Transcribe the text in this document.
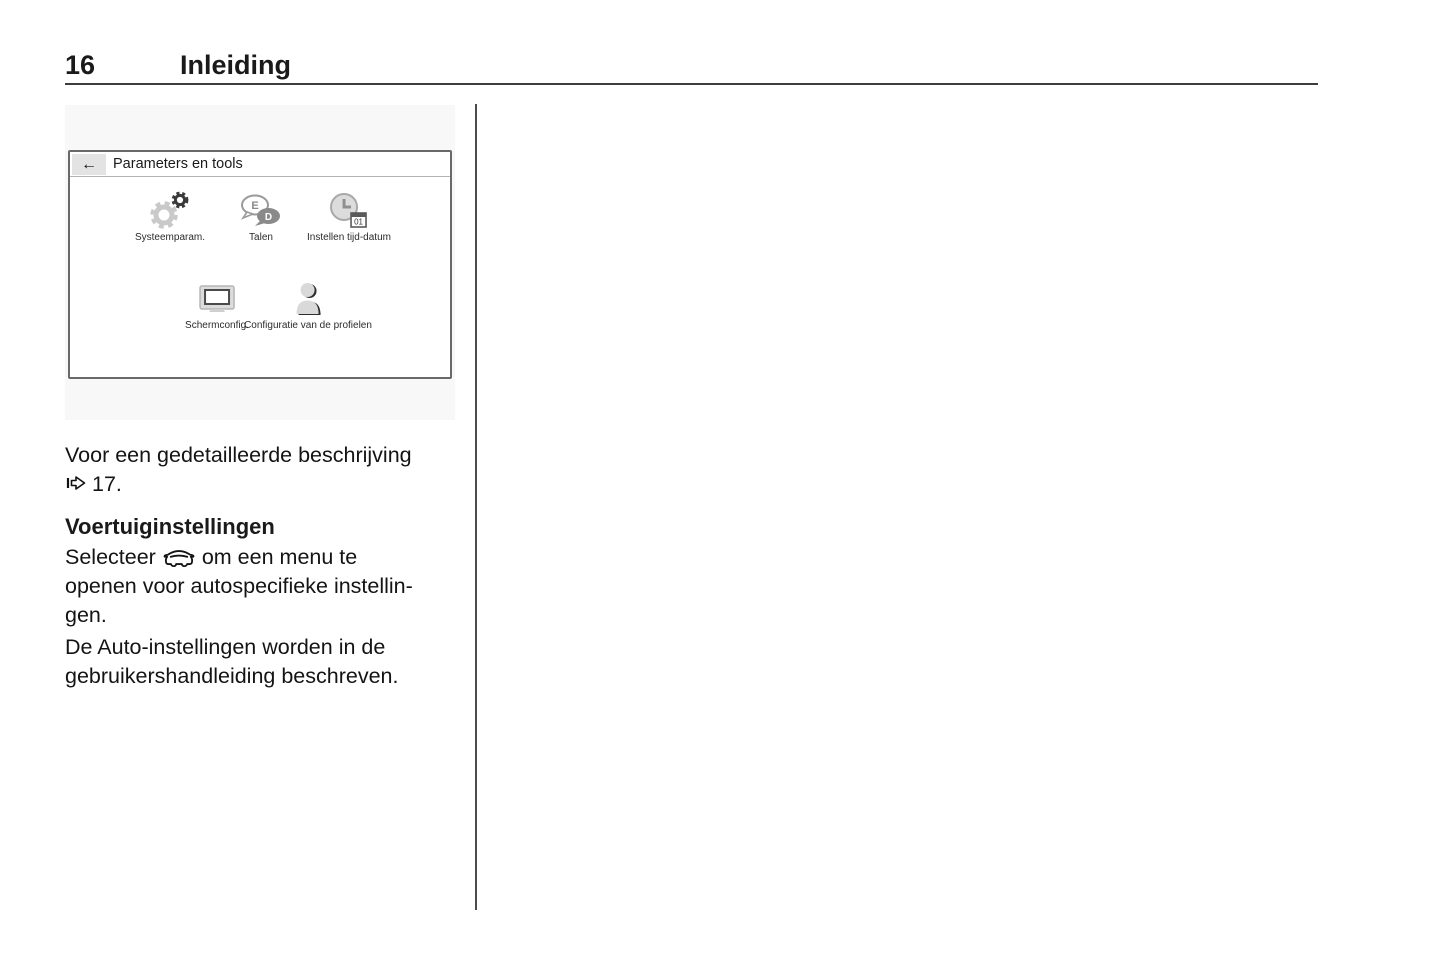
16	Inleiding
← Parameters en tools
Systeemparam.
E
D
Talen
01
Instellen tijd-datum
Schermconfig.
Configuratie van de profielen
Voor een gedetailleerde beschrijving
17.
Voertuiginstellingen
Selecteer om een menu te
openen voor autospecifieke instellin-
gen.
De Auto-instellingen worden in de
gebruikershandleiding beschreven.
